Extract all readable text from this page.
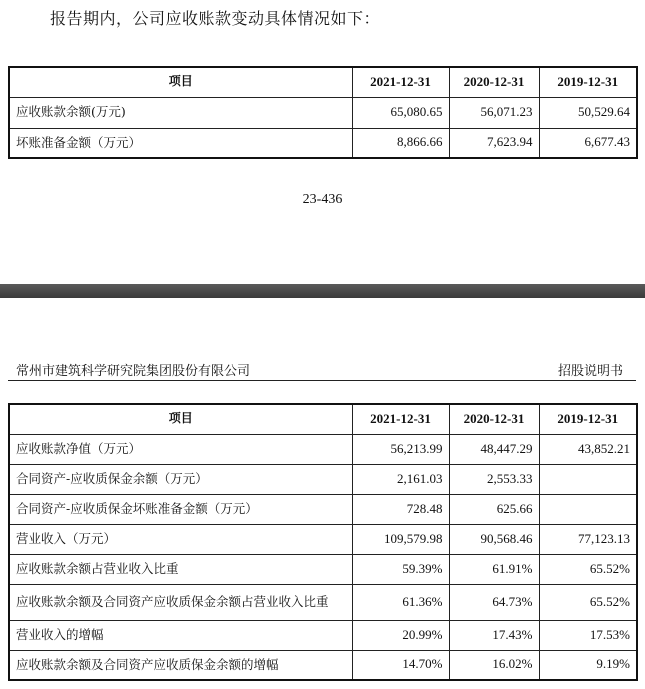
报告期内，公司应收账款变动具体情况如下：
项目	2021-12-31	2020-12-31	2019-12-31
应收账款余额(万元)	65,080.65	56,071.23	50,529.64
坏账准备金额（万元）	8,866.66	7,623.94	6,677.43
23-436
常州市建筑科学研究院集团股份有限公司	招股说明书
项目	2021-12-31	2020-12-31	2019-12-31
应收账款净值（万元）	56,213.99	48,447.29	43,852.21
合同资产-应收质保金余额（万元）	2,161.03	2,553.33	
合同资产-应收质保金坏账准备金额（万元）	728.48	625.66	
营业收入（万元）	109,579.98	90,568.46	77,123.13
应收账款余额占营业收入比重	59.39%	61.91%	65.52%
应收账款余额及合同资产应收质保金余额占营业收入比重	61.36%	64.73%	65.52%
营业收入的增幅	20.99%	17.43%	17.53%
应收账款余额及合同资产应收质保金余额的增幅	14.70%	16.02%	9.19%
